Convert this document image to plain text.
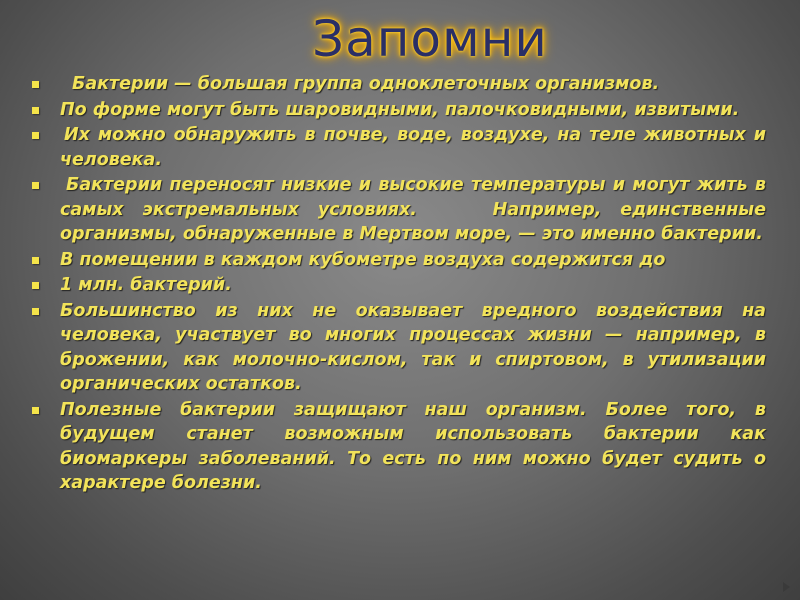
Запомни
Бактерии — большая группа одноклеточных организмов.
По форме могут быть шаровидными, палочковидными, извитыми.
Их можно обнаружить в почве, воде, воздухе, на теле животных и человека.
Бактерии переносят низкие и высокие температуры и могут жить в самых экстремальных условиях.    Например, единственные организмы, обнаруженные в Мертвом море, — это именно бактерии.
В помещении в каждом кубометре воздуха содержится до
1 млн. бактерий.
Большинство из них не оказывает вредного воздействия на человека, участвует во многих процессах жизни — например, в брожении, как молочно-кислом, так и спиртовом, в утилизации органических остатков.
Полезные бактерии защищают наш организм. Более того, в будущем станет возможным использовать бактерии как биомаркеры заболеваний. То есть по ним можно будет судить о характере болезни.
